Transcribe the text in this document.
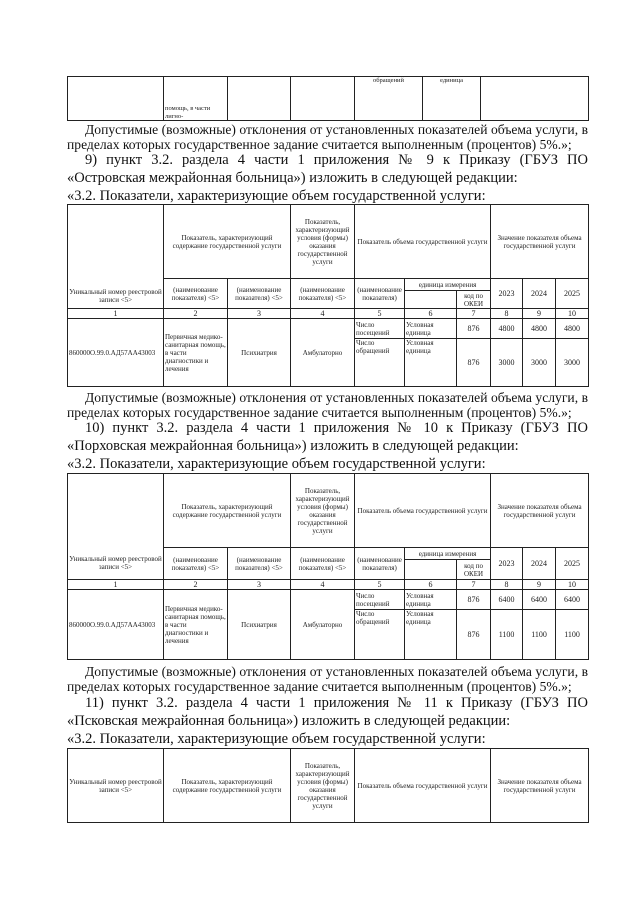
	помощь, в части лигно-			обращений	единица	
Допустимые (возможные) отклонения от установленных показателей объема услуги, в
пределах которых государственное задание считается выполненным (процентов) 5%.»;
9) пункт 3.2. раздела 4 части 1 приложения № 9 к Приказу (ГБУЗ ПО
«Островская межрайонная больница») изложить в следующей редакции:
«3.2. Показатели, характеризующие объем государственной услуги:
Уникальный номер реестровой записи <5>	Показатель, характеризующий содержание государственной услуги		Показатель, характеризующий условия (формы) оказания государственной услуги	Показатель объема государственной услуги			Значение показателя объема государственной услуги		
	(наименование показателя) <5>	(наименование показателя) <5>	(наименование показателя) <5>	(наименование показателя)	единица измерения		2023	2024	2025
						код по ОКЕИ			
1	2	3	4	5	6	7	8	9	10
860000О.99.0.АД57АА43003	Первичная медико-санитарная помощь, в части диагностики и лечения	Психиатрия	Амбулаторно	Число посещений	Условная единица	876	4800	4800	4800
				Число обращений	Условная единица	876	3000	3000	3000
Допустимые (возможные) отклонения от установленных показателей объема услуги, в
пределах которых государственное задание считается выполненным (процентов) 5%.»;
10) пункт 3.2. раздела 4 части 1 приложения № 10 к Приказу (ГБУЗ ПО
«Порховская межрайонная больница») изложить в следующей редакции:
«3.2. Показатели, характеризующие объем государственной услуги:
Уникальный номер реестровой записи <5>	Показатель, характеризующий содержание государственной услуги		Показатель, характеризующий условия (формы) оказания государственной услуги	Показатель объема государственной услуги			Значение показателя объема государственной услуги		
	(наименование показателя) <5>	(наименование показателя) <5>	(наименование показателя) <5>	(наименование показателя)	единица измерения		2023	2024	2025
						код по ОКЕИ			
1	2	3	4	5	6	7	8	9	10
860000О.99.0.АД57АА43003	Первичная медико-санитарная помощь, в части диагностики и лечения	Психиатрия	Амбулаторно	Число посещений	Условная единица	876	6400	6400	6400
				Число обращений	Условная единица	876	1100	1100	1100
Допустимые (возможные) отклонения от установленных показателей объема услуги, в
пределах которых государственное задание считается выполненным (процентов) 5%.»;
11) пункт 3.2. раздела 4 части 1 приложения № 11 к Приказу (ГБУЗ ПО
«Псковская межрайонная больница») изложить в следующей редакции:
«3.2. Показатели, характеризующие объем государственной услуги:
Уникальный номер реестровой записи <5>	Показатель, характеризующий содержание государственной услуги	Показатель, характеризующий условия (формы) оказания государственной услуги	Показатель объема государственной услуги	Значение показателя объема государственной услуги
